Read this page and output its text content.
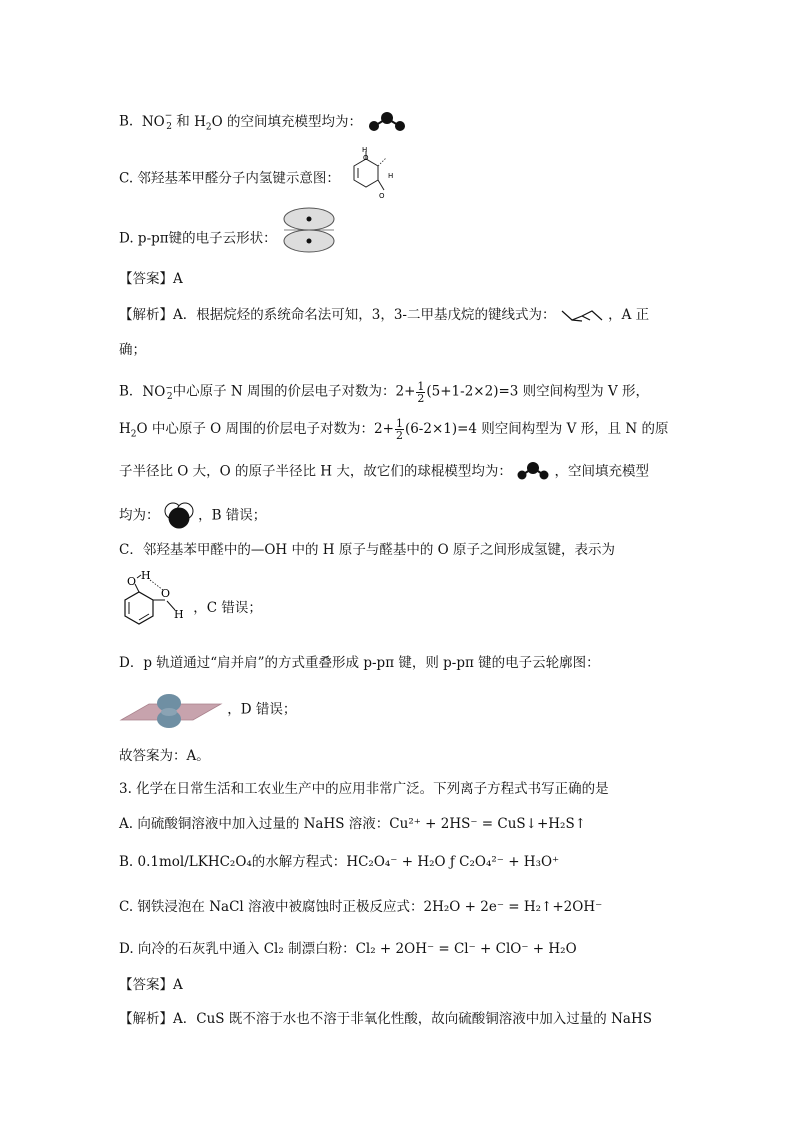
B. $NO^-_2$ 和 $H_2O$ 的空间填充模型均为：
C. 邻羟基苯甲醛分子内氢键示意图：
H
O
H
O
D. p-pπ键的电子云形状：
【答案】A
【解析】A．根据烷烃的系统命名法可知，3，3-二甲基戊烷的键线式为：	，A 正
确；
B．$NO^-_2$中心原子 N 周围的价层电子对数为：$2+ \frac{1}{2} (5+1-2\times 2)=3$ 则空间构型为 V 形，
$H_2O$ 中心原子 O 周围的价层电子对数为：$2+ \frac{1}{2} (6-2\times 1)=4$ 则空间构型为 V 形，且 N 的原
子半径比 O 大，O 的原子半径比 H 大，故它们的球棍模型均为：	，空间填充模型
均为：	，B 错误；
C．邻羟基苯甲醛中的—OH 中的 H 原子与醛基中的 O 原子之间形成氢键，表示为
O H
O
H ，C 错误；
D．p 轨道通过“肩并肩”的方式重叠形成 p-pπ 键，则 p-pπ 键的电子云轮廓图：
，D 错误；
故答案为：A。
3. 化学在日常生活和工农业生产中的应用非常广泛。下列离子方程式书写正确的是
A. 向硫酸铜溶液中加入过量的 NaHS 溶液：Cu²⁺ + 2HS⁻ = CuS↓+H₂S↑
B. 0.1mol/LKHC₂O₄的水解方程式：HC₂O₄⁻ + H₂O ƒ C₂O₄²⁻ + H₃O⁺
C. 钢铁浸泡在 NaCl 溶液中被腐蚀时正极反应式：2H₂O + 2e⁻ = H₂↑+2OH⁻
D. 向冷的石灰乳中通入 Cl₂ 制漂白粉：Cl₂ + 2OH⁻ = Cl⁻ + ClO⁻ + H₂O
【答案】A
【解析】A．CuS 既不溶于水也不溶于非氧化性酸，故向硫酸铜溶液中加入过量的 NaHS
